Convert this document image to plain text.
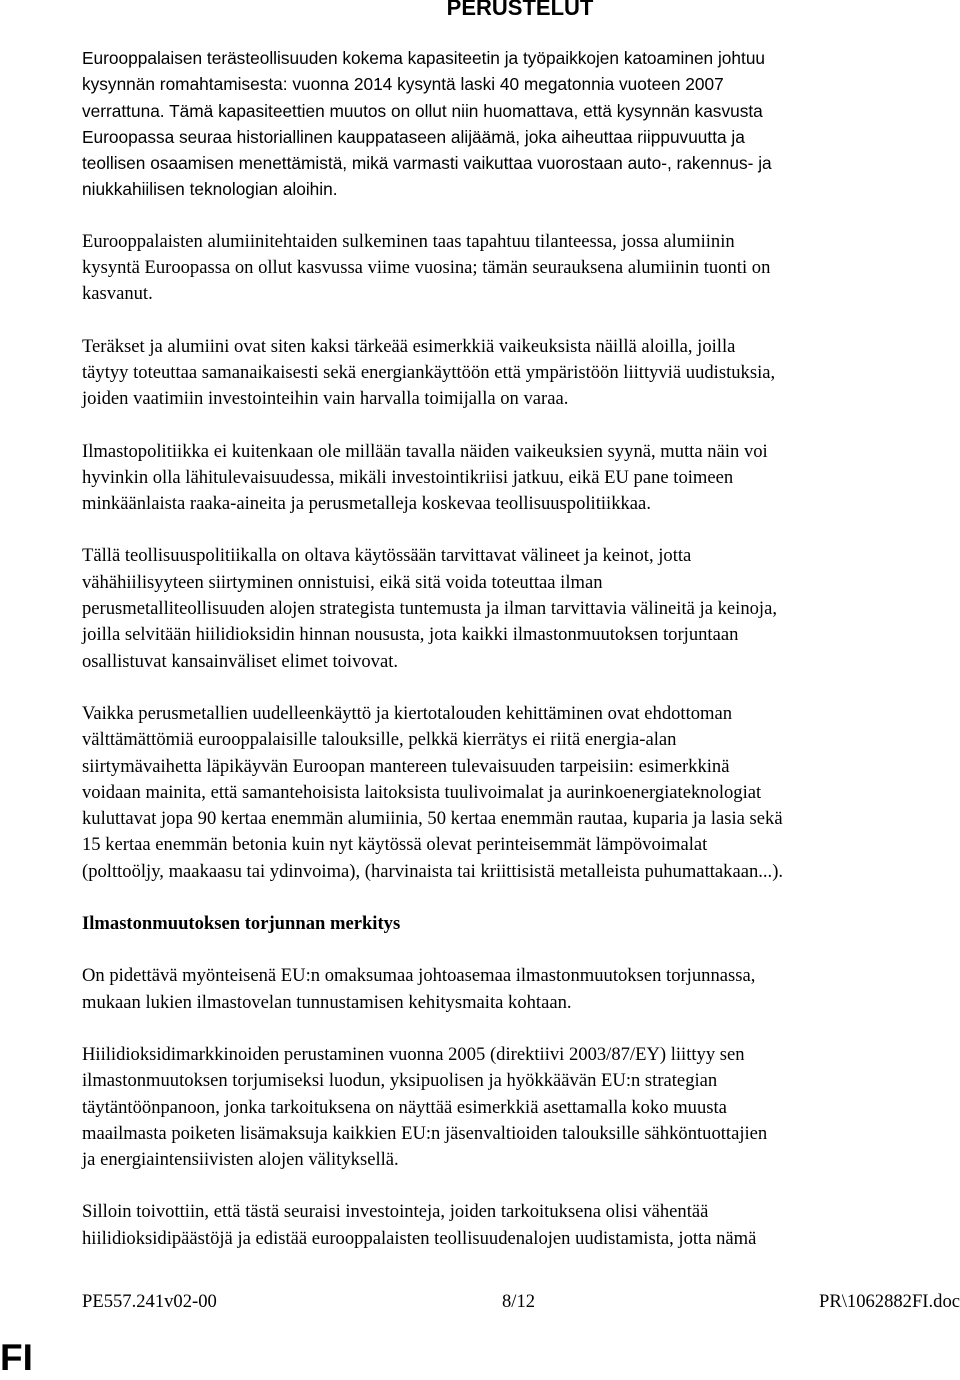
PERUSTELUT

Eurooppalaisen terästeollisuuden kokema kapasiteetin ja työpaikkojen katoaminen johtuu
kysynnän romahtamisesta: vuonna 2014 kysyntä laski 40 megatonnia vuoteen 2007
verrattuna. Tämä kapasiteettien muutos on ollut niin huomattava, että kysynnän kasvusta
Euroopassa seuraa historiallinen kauppataseen alijäämä, joka aiheuttaa riippuvuutta ja
teollisen osaamisen menettämistä, mikä varmasti vaikuttaa vuorostaan auto-, rakennus- ja
niukkahiilisen teknologian aloihin.

Eurooppalaisten alumiinitehtaiden sulkeminen taas tapahtuu tilanteessa, jossa alumiinin
kysyntä Euroopassa on ollut kasvussa viime vuosina; tämän seurauksena alumiinin tuonti on
kasvanut.

Teräkset ja alumiini ovat siten kaksi tärkeää esimerkkiä vaikeuksista näillä aloilla, joilla
täytyy toteuttaa samanaikaisesti sekä energiankäyttöön että ympäristöön liittyviä uudistuksia,
joiden vaatimiin investointeihin vain harvalla toimijalla on varaa.

Ilmastopolitiikka ei kuitenkaan ole millään tavalla näiden vaikeuksien syynä, mutta näin voi
hyvinkin olla lähitulevaisuudessa, mikäli investointikriisi jatkuu, eikä EU pane toimeen
minkäänlaista raaka-aineita ja perusmetalleja koskevaa teollisuuspolitiikkaa.

Tällä teollisuuspolitiikalla on oltava käytössään tarvittavat välineet ja keinot, jotta
vähähiilisyyteen siirtyminen onnistuisi, eikä sitä voida toteuttaa ilman
perusmetalliteollisuuden alojen strategista tuntemusta ja ilman tarvittavia välineitä ja keinoja,
joilla selvitään hiilidioksidin hinnan noususta, jota kaikki ilmastonmuutoksen torjuntaan
osallistuvat kansainväliset elimet toivovat.

Vaikka perusmetallien uudelleenkäyttö ja kiertotalouden kehittäminen ovat ehdottoman
välttämättömiä eurooppalaisille talouksille, pelkkä kierrätys ei riitä energia-alan
siirtymävaihetta läpikäyvän Euroopan mantereen tulevaisuuden tarpeisiin: esimerkkinä
voidaan mainita, että samantehoisista laitoksista tuulivoimalat ja aurinkoenergiateknologiat
kuluttavat jopa 90 kertaa enemmän alumiinia, 50 kertaa enemmän rautaa, kuparia ja lasia sekä
15 kertaa enemmän betonia kuin nyt käytössä olevat perinteisemmät lämpövoimalat
(polttoöljy, maakaasu tai ydinvoima), (harvinaista tai kriittisistä metalleista puhumattakaan...).

Ilmastonmuutoksen torjunnan merkitys

On pidettävä myönteisenä EU:n omaksumaa johtoasemaa ilmastonmuutoksen torjunnassa,
mukaan lukien ilmastovelan tunnustamisen kehitysmaita kohtaan.

Hiilidioksidimarkkinoiden perustaminen vuonna 2005 (direktiivi 2003/87/EY) liittyy sen
ilmastonmuutoksen torjumiseksi luodun, yksipuolisen ja hyökkäävän EU:n strategian
täytäntöönpanoon, jonka tarkoituksena on näyttää esimerkkiä asettamalla koko muusta
maailmasta poiketen lisämaksuja kaikkien EU:n jäsenvaltioiden talouksille sähköntuottajien
ja energiaintensiivisten alojen välityksellä.

Silloin toivottiin, että tästä seuraisi investointeja, joiden tarkoituksena olisi vähentää
hiilidioksidipäästöjä ja edistää eurooppalaisten teollisuudenalojen uudistamista, jotta nämä

PE557.241v02-00	8/12	PR\1062882FI.doc
FI
